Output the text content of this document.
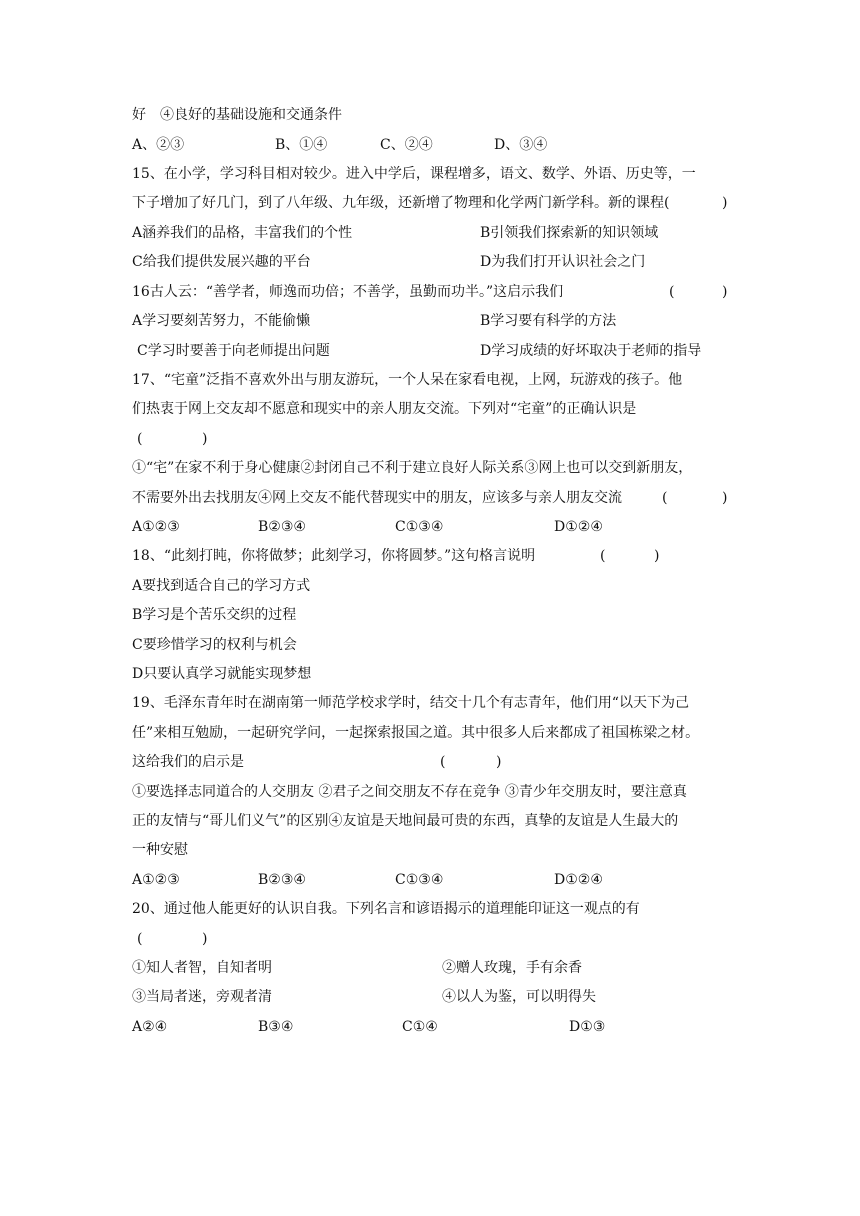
好　④良好的基础设施和交通条件
A、②③	B、①④	C、②④	D、③④
15、在小学，学习科目相对较少。进入中学后，课程增多，语文、数学、外语、历史等，一
下子增加了好几门，到了八年级、九年级，还新增了物理和化学两门新学科。新的课程(	)
A涵养我们的品格，丰富我们的个性	B引领我们探索新的知识领域
C给我们提供发展兴趣的平台	D为我们打开认识社会之门
16古人云：“善学者，师逸而功倍；不善学，虽勤而功半。”这启示我们	(	)
A学习要刻苦努力，不能偷懒	B学习要有科学的方法
C学习时要善于向老师提出问题	D学习成绩的好坏取决于老师的指导
17、“宅童”泛指不喜欢外出与朋友游玩，一个人呆在家看电视，上网，玩游戏的孩子。他
们热衷于网上交友却不愿意和现实中的亲人朋友交流。下列对“宅童”的正确认识是
(	)
①“宅”在家不利于身心健康②封闭自己不利于建立良好人际关系③网上也可以交到新朋友，
不需要外出去找朋友④网上交友不能代替现实中的朋友，应该多与亲人朋友交流	(	)
A①②③	B②③④	C①③④	D①②④
18、“此刻打盹，你将做梦；此刻学习，你将圆梦。”这句格言说明	(	)
A要找到适合自己的学习方式
B学习是个苦乐交织的过程
C要珍惜学习的权利与机会
D只要认真学习就能实现梦想
19、毛泽东青年时在湖南第一师范学校求学时，结交十几个有志青年，他们用“以天下为己
任”来相互勉励，一起研究学问，一起探索报国之道。其中很多人后来都成了祖国栋梁之材。
这给我们的启示是	(	)
①要选择志同道合的人交朋友 ②君子之间交朋友不存在竞争 ③青少年交朋友时，要注意真
正的友情与“哥儿们义气”的区别④友谊是天地间最可贵的东西，真挚的友谊是人生最大的
一种安慰
A①②③	B②③④	C①③④	D①②④
20、通过他人能更好的认识自我。下列名言和谚语揭示的道理能印证这一观点的有
(	)
①知人者智，自知者明	②赠人玫瑰，手有余香
③当局者迷，旁观者清	④以人为鉴，可以明得失
A②④	B③④	C①④	D①③
